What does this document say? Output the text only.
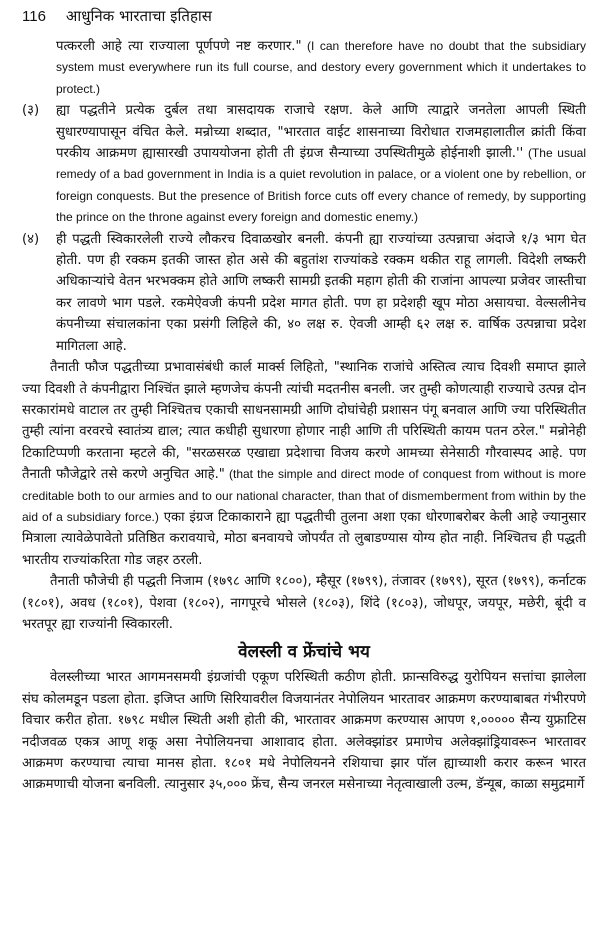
116 आधुनिक भारताचा इतिहास

पत्करली आहे त्या राज्याला पूर्णपणे नष्ट करणार." (I can therefore have no doubt that the subsidiary system must everywhere run its full course, and destory every government which it undertakes to protect.)

(३)	ह्या पद्धतीने प्रत्येक दुर्बल तथा त्रासदायक राजाचे रक्षण. केले आणि त्याद्वारे जनतेला आपली स्थिती सुधारण्यापासून वंचित केले. मन्रोच्या शब्दात, "भारतात वाईट शासनाच्या विरोधात राजमहालातील क्रांती किंवा परकीय आक्रमण ह्यासारखी उपाययोजना होती ती इंग्रज सैन्याच्या उपस्थितीमुळे होईनाशी झाली.'' (The usual remedy of a bad government in India is a quiet revolution in palace, or a violent one by rebellion, or foreign conquests. But the presence of British force cuts off every chance of remedy, by supporting the prince on the throne against every foreign and domestic enemy.)

(४)	ही पद्धती स्विकारलेली राज्ये लौकरच दिवाळखोर बनली. कंपनी ह्या राज्यांच्या उत्पन्नाचा अंदाजे १/३ भाग घेत होती. पण ही रक्कम इतकी जास्त होत असे की बहुतांश राज्यांकडे रक्कम थकीत राहू लागली. विदेशी लष्करी अधिकाऱ्यांचे वेतन भरभक्कम होते आणि लष्करी सामग्री इतकी महाग होती की राजांना आपल्या प्रजेवर जास्तीचा कर लावणे भाग पडले. रकमेऐवजी कंपनी प्रदेश मागत होती. पण हा प्रदेशही खूप मोठा असायचा. वेल्सलीनेच कंपनीच्या संचालकांना एका प्रसंगी लिहिले की, ४० लक्ष रु. ऐवजी आम्ही ६२ लक्ष रु. वार्षिक उत्पन्नाचा प्रदेश मागितला आहे.

तैनाती फौज पद्धतीच्या प्रभावासंबंधी कार्ल मार्क्स लिहितो, "स्थानिक राजांचे अस्तित्व त्याच दिवशी समाप्त झाले ज्या दिवशी ते कंपनीद्वारा निश्चिंत झाले म्हणजेच कंपनी त्यांची मदतनीस बनली. जर तुम्ही कोणत्याही राज्याचे उत्पन्न दोन सरकारांमधे वाटाल तर तुम्ही निश्चितच एकाची साधनसामग्री आणि दोघांचेही प्रशासन पंगू बनवाल आणि ज्या परिस्थितीत तुम्ही त्यांना वरवरचे स्वातंत्र्य द्याल; त्यात कधीही सुधारणा होणार नाही आणि ती परिस्थिती कायम पतन ठरेल." मन्रोनेही टिकाटिप्पणी करताना म्हटले की, "सरळसरळ एखाद्या प्रदेशाचा विजय करणे आमच्या सेनेसाठी गौरवास्पद आहे. पण तैनाती फौजेद्वारे तसे करणे अनुचित आहे." (that the simple and direct mode of conquest from without is more creditable both to our armies and to our national character, than that of dismemberment from within by the aid of a subsidiary force.) एका इंग्रज टिकाकाराने ह्या पद्धतीची तुलना अशा एका धोरणाबरोबर केली आहे ज्यानुसार मित्राला त्यावेळेपावेतो प्रतिष्ठित करावयाचे, मोठा बनवायचे जोपर्यंत तो लुबाडण्यास योग्य होत नाही. निश्चितच ही पद्धती भारतीय राज्यांकरिता गोड जहर ठरली.

तैनाती फौजेची ही पद्धती निजाम (१७९८ आणि १८००), म्हैसूर (१७९९), तंजावर (१७९९), सूरत (१७९९), कर्नाटक (१८०१), अवध (१८०१), पेशवा (१८०२), नागपूरचे भोसले (१८०३), शिंदे (१८०३), जोधपूर, जयपूर, मछेरी, बूंदी व भरतपूर ह्या राज्यांनी स्विकारली.

वेलस्ली व फ्रेंचांचे भय

वेलस्लीच्या भारत आगमनसमयी इंग्रजांची एकूण परिस्थिती कठीण होती. फ्रान्सविरुद्ध युरोपियन सत्तांचा झालेला संघ कोलमडून पडला होता. इजिप्त आणि सिरियावरील विजयानंतर नेपोलियन भारतावर आक्रमण करण्याबाबत गंभीरपणे विचार करीत होता. १७९८ मधील स्थिती अशी होती की, भारतावर आक्रमण करण्यास आपण १,००००० सैन्य युफ्राटिस नदीजवळ एकत्र आणू शकू असा नेपोलियनचा आशावाद होता. अलेक्झांडर प्रमाणेच अलेक्झांड्रियावरून भारतावर आक्रमण करण्याचा त्याचा मानस होता. १८०१ मधे नेपोलियनने रशियाचा झार पॉल ह्याच्याशी करार करून भारत आक्रमणाची योजना बनविली. त्यानुसार ३५,००० फ्रेंच, सैन्य जनरल मसेनाच्या नेतृत्वाखाली उल्म, डॅन्यूब, काळा समुद्रमार्गे
